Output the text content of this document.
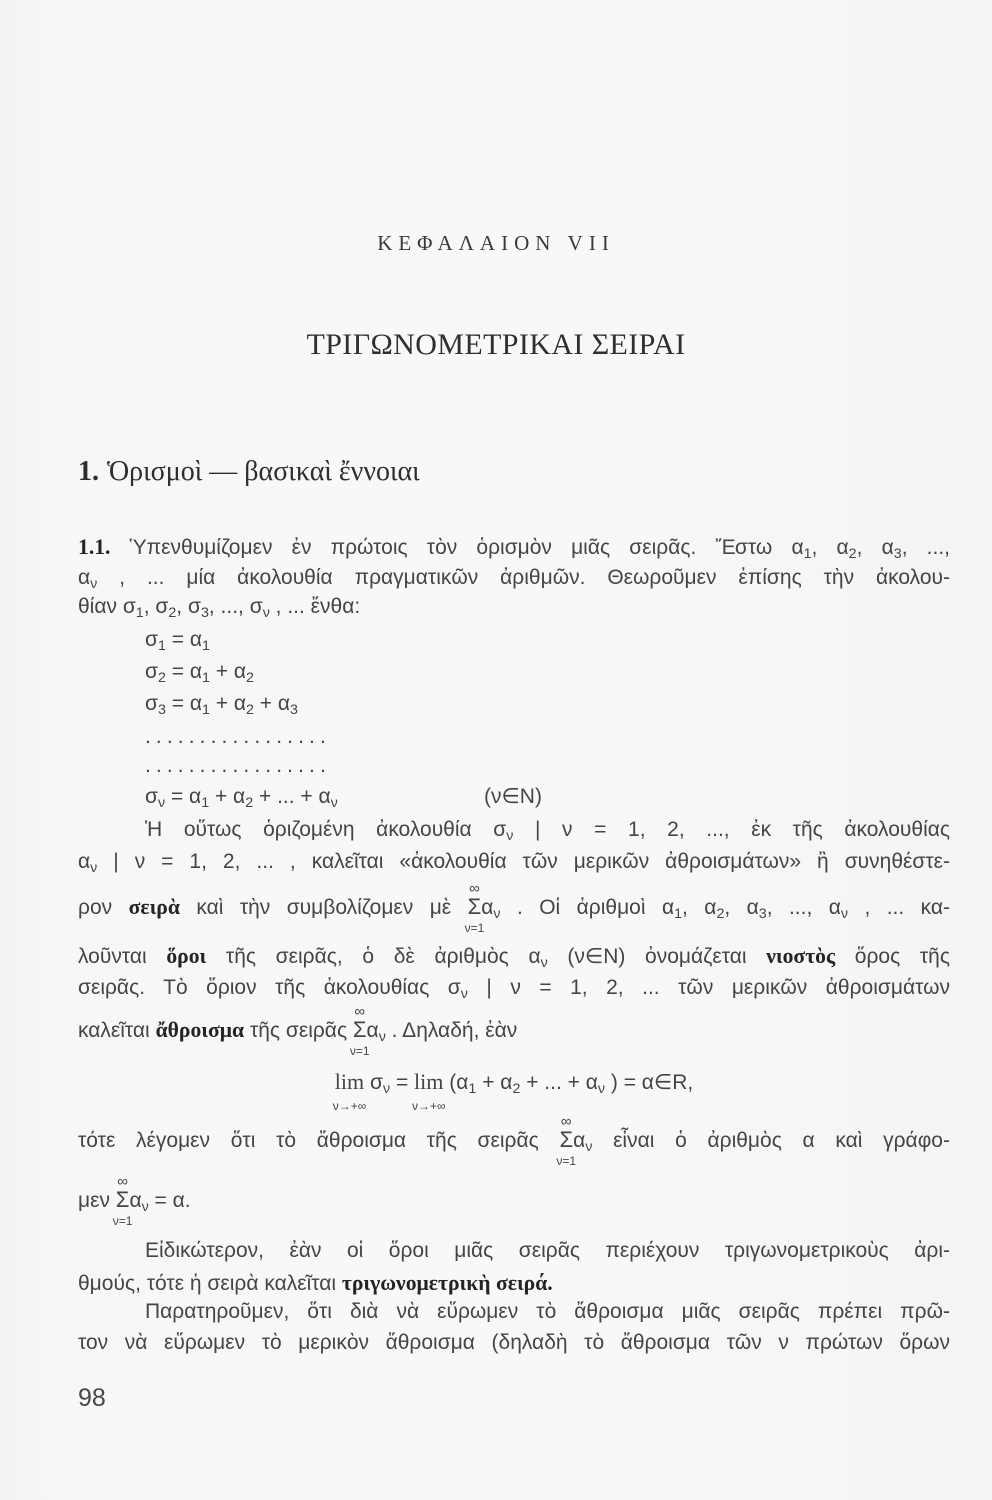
ΚΕΦΑΛΑΙΟΝ VII
ΤΡΙΓΩΝΟΜΕΤΡΙΚΑΙ ΣΕΙΡΑΙ
1. Ὁρισμοὶ — βασικαὶ ἔννοιαι
1.1. Ὑπενθυμίζομεν ἐν πρώτοις τὸν ὁρισμὸν μιᾶς σειρᾶς. Ἔστω $\alpha_1$, $\alpha_2$, $\alpha_3$, ...,
$\alpha_\nu$ , ... μία ἀκολουθία πραγματικῶν ἀριθμῶν. Θεωροῦμεν ἐπίσης τὴν ἀκολου-
θίαν $\sigma_1$, $\sigma_2$, $\sigma_3$, ..., $\sigma_\nu$ , ... ἔνθα:
$\sigma_1 = \alpha_1$
$\sigma_2 = \alpha_1 + \alpha_2$
$\sigma_3 = \alpha_1 + \alpha_2 + \alpha_3$
.................
.................
$\sigma_\nu = \alpha_1 + \alpha_2$ + ... + $\alpha_\nu$	(ν∈N)
Ἡ οὕτως ὁριζομένη ἀκολουθία $\sigma_\nu$ | ν = 1, 2, ..., ἐκ τῆς ἀκολουθίας
$\alpha_\nu$ | ν = 1, 2, ... , καλεῖται «ἀκολουθία τῶν μερικῶν ἀθροισμάτων» ἢ συνηθέστε-
ρον σειρὰ καὶ τὴν συμβολίζομεν μὲ
∞
Σ
ν=1
$\alpha_\nu$ . Οἱ ἀριθμοὶ $\alpha_1$, $\alpha_2$, $\alpha_3$, ..., $\alpha_\nu$ , ... κα-
λοῦνται ὅροι τῆς σειρᾶς, ὁ δὲ ἀριθμὸς $\alpha_\nu$ (ν∈N) ὀνομάζεται νιοστὸς ὅρος τῆς
σειρᾶς. Τὸ ὅριον τῆς ἀκολουθίας $\sigma_\nu$ | ν = 1, 2, ... τῶν μερικῶν ἀθροισμάτων
καλεῖται ἄθροισμα τῆς σειρᾶς
∞
Σ
ν=1
$\alpha_\nu$ . Δηλαδή, ἐὰν
lim
ν→+∞
$\sigma_\nu = \lim$
ν→+∞
($\alpha_1 + \alpha_2$ + ... + $\alpha_\nu$ ) = α∈R,
τότε λέγομεν ὅτι τὸ ἄθροισμα τῆς σειρᾶς
∞
Σ
ν=1
$\alpha_\nu$ εἶναι ὁ ἀριθμὸς α καὶ γράφο-
μεν
∞
Σ
ν=1
$\alpha_\nu = \alpha$.
Εἰδικώτερον, ἐὰν οἱ ὅροι μιᾶς σειρᾶς περιέχουν τριγωνομετρικοὺς ἀρι-
θμούς, τότε ἡ σειρὰ καλεῖται τριγωνομετρικὴ σειρά.
Παρατηροῦμεν, ὅτι διὰ νὰ εὕρωμεν τὸ ἄθροισμα μιᾶς σειρᾶς πρέπει πρῶ-
τον νὰ εὕρωμεν τὸ μερικὸν ἄθροισμα (δηλαδὴ τὸ ἄθροισμα τῶν ν πρώτων ὅρων
98
